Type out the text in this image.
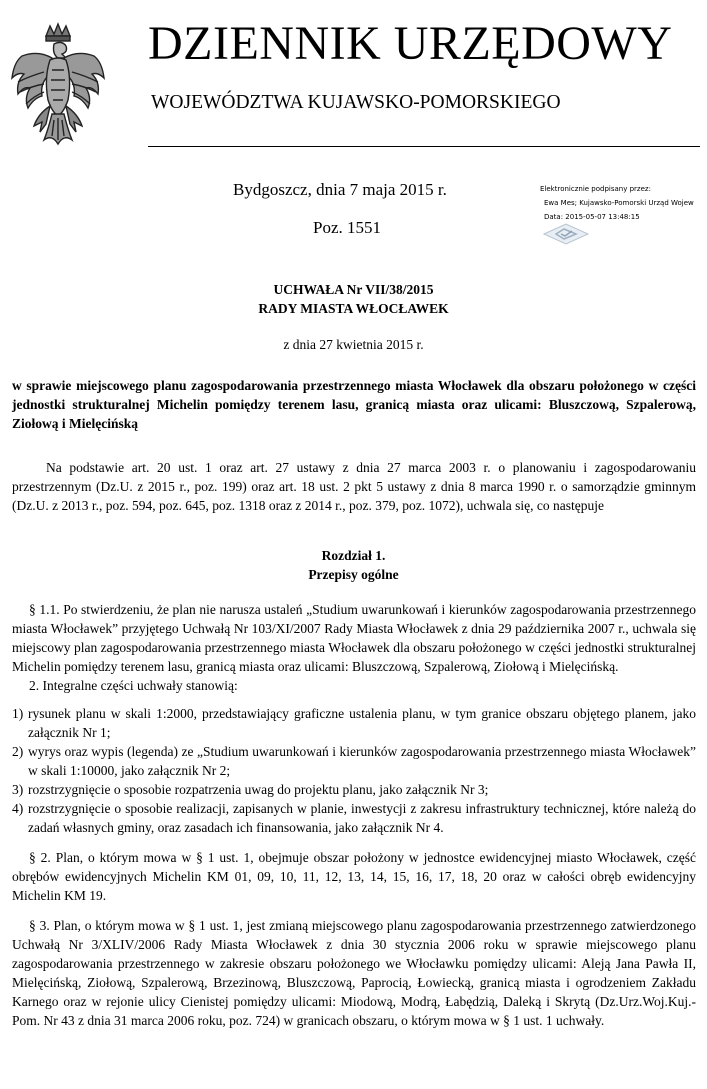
DZIENNIK URZĘDOWY
WOJEWÓDZTWA KUJAWSKO-POMORSKIEGO
Bydgoszcz, dnia 7 maja 2015 r.
Poz. 1551
Elektronicznie podpisany przez:
Ewa Mes; Kujawsko-Pomorski Urząd Wojew
Data: 2015-05-07 13:48:15
UCHWAŁA Nr VII/38/2015
RADY MIASTA WŁOCŁAWEK
z dnia 27 kwietnia 2015 r.
w sprawie miejscowego planu zagospodarowania przestrzennego miasta Włocławek dla obszaru położonego w części jednostki strukturalnej Michelin pomiędzy terenem lasu, granicą miasta oraz ulicami: Bluszczową, Szpalerową, Ziołową i Mielęcińską

Na podstawie art. 20 ust. 1 oraz art. 27 ustawy z dnia 27 marca 2003 r. o planowaniu i zagospodarowaniu przestrzennym (Dz.U. z 2015 r., poz. 199) oraz art. 18 ust. 2 pkt 5 ustawy z dnia 8 marca 1990 r. o samorządzie gminnym (Dz.U. z 2013 r., poz. 594, poz. 645, poz. 1318 oraz z 2014 r., poz. 379, poz. 1072), uchwala się, co następuje

Rozdział 1.
Przepisy ogólne

§ 1.1. Po stwierdzeniu, że plan nie narusza ustaleń „Studium uwarunkowań i kierunków zagospodarowania przestrzennego miasta Włocławek” przyjętego Uchwałą Nr 103/XI/2007 Rady Miasta Włocławek z dnia 29 października 2007 r., uchwala się miejscowy plan zagospodarowania przestrzennego miasta Włocławek dla obszaru położonego w części jednostki strukturalnej Michelin pomiędzy terenem lasu, granicą miasta oraz ulicami: Bluszczową, Szpalerową, Ziołową i Mielęcińską.

2. Integralne części uchwały stanowią:

1) rysunek planu w skali 1:2000, przedstawiający graficzne ustalenia planu, w tym granice obszaru objętego planem, jako załącznik Nr 1;
2) wyrys oraz wypis (legenda) ze „Studium uwarunkowań i kierunków zagospodarowania przestrzennego miasta Włocławek” w skali 1:10000, jako załącznik Nr 2;
3) rozstrzygnięcie o sposobie rozpatrzenia uwag do projektu planu, jako załącznik Nr 3;
4) rozstrzygnięcie o sposobie realizacji, zapisanych w planie, inwestycji z zakresu infrastruktury technicznej, które należą do zadań własnych gminy, oraz zasadach ich finansowania, jako załącznik Nr 4.

§ 2. Plan, o którym mowa w § 1 ust. 1, obejmuje obszar położony w jednostce ewidencyjnej miasto Włocławek, część obrębów ewidencyjnych Michelin KM 01, 09, 10, 11, 12, 13, 14, 15, 16, 17, 18, 20 oraz w całości obręb ewidencyjny Michelin KM 19.

§ 3. Plan, o którym mowa w § 1 ust. 1, jest zmianą miejscowego planu zagospodarowania przestrzennego zatwierdzonego Uchwałą Nr 3/XLIV/2006 Rady Miasta Włocławek z dnia 30 stycznia 2006 roku w sprawie miejscowego planu zagospodarowania przestrzennego w zakresie obszaru położonego we Włocławku pomiędzy ulicami: Aleją Jana Pawła II, Mielęcińską, Ziołową, Szpalerową, Brzezinową, Bluszczową, Paprocią, Łowiecką, granicą miasta i ogrodzeniem Zakładu Karnego oraz w rejonie ulicy Cienistej pomiędzy ulicami: Miodową, Modrą, Łabędzią, Daleką i Skrytą (Dz.Urz.Woj.Kuj.-Pom. Nr 43 z dnia 31 marca 2006 roku, poz. 724) w granicach obszaru, o którym mowa w § 1 ust. 1 uchwały.
